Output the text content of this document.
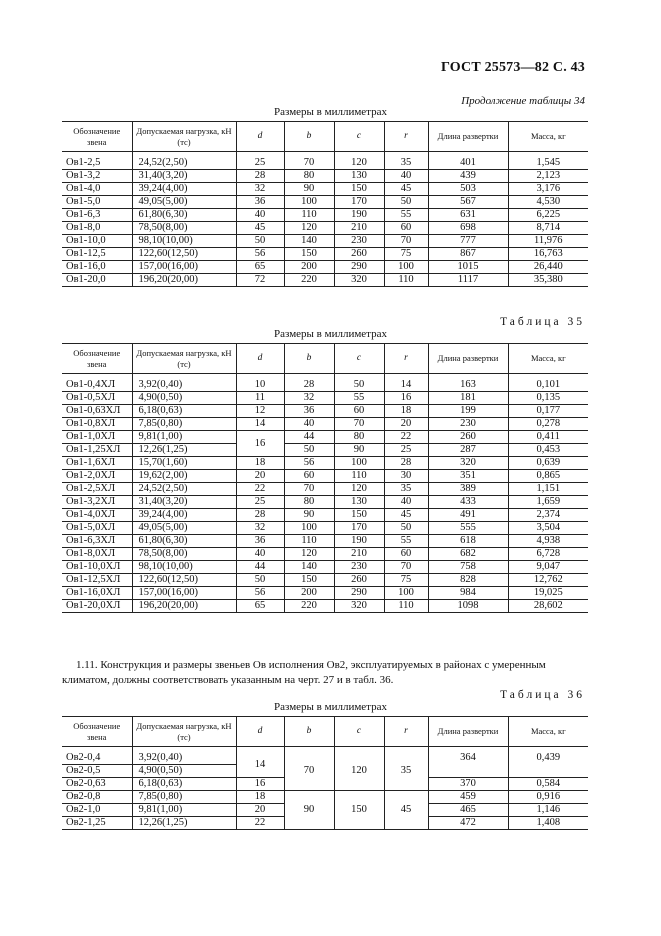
ГОСТ 25573—82 С. 43
Продолжение таблицы 34
Размеры в миллиметрах
Обозначение звена	Допускаемая нагрузка, кН (тс)	d	b	c	r	Длина развертки	Масса, кг
Ов1-2,5	24,52(2,50)	25	70	120	35	401	1,545
Ов1-3,2	31,40(3,20)	28	80	130	40	439	2,123
Ов1-4,0	39,24(4,00)	32	90	150	45	503	3,176
Ов1-5,0	49,05(5,00)	36	100	170	50	567	4,530
Ов1-6,3	61,80(6,30)	40	110	190	55	631	6,225
Ов1-8,0	78,50(8,00)	45	120	210	60	698	8,714
Ов1-10,0	98,10(10,00)	50	140	230	70	777	11,976
Ов1-12,5	122,60(12,50)	56	150	260	75	867	16,763
Ов1-16,0	157,00(16,00)	65	200	290	100	1015	26,440
Ов1-20,0	196,20(20,00)	72	220	320	110	1117	35,380
Таблица 35
Размеры в миллиметрах
Обозначение звена	Допускаемая нагрузка, кН (тс)	d	b	c	r	Длина развертки	Масса, кг
Ов1-0,4ХЛ	3,92(0,40)	10	28	50	14	163	0,101
Ов1-0,5ХЛ	4,90(0,50)	11	32	55	16	181	0,135
Ов1-0,63ХЛ	6,18(0,63)	12	36	60	18	199	0,177
Ов1-0,8ХЛ	7,85(0,80)	14	40	70	20	230	0,278
Ов1-1,0ХЛ	9,81(1,00)	16	44	80	22	260	0,411
Ов1-1,25ХЛ	12,26(1,25)		50	90	25	287	0,453
Ов1-1,6ХЛ	15,70(1,60)	18	56	100	28	320	0,639
Ов1-2,0ХЛ	19,62(2,00)	20	60	110	30	351	0,865
Ов1-2,5ХЛ	24,52(2,50)	22	70	120	35	389	1,151
Ов1-3,2ХЛ	31,40(3,20)	25	80	130	40	433	1,659
Ов1-4,0ХЛ	39,24(4,00)	28	90	150	45	491	2,374
Ов1-5,0ХЛ	49,05(5,00)	32	100	170	50	555	3,504
Ов1-6,3ХЛ	61,80(6,30)	36	110	190	55	618	4,938
Ов1-8,0ХЛ	78,50(8,00)	40	120	210	60	682	6,728
Ов1-10,0ХЛ	98,10(10,00)	44	140	230	70	758	9,047
Ов1-12,5ХЛ	122,60(12,50)	50	150	260	75	828	12,762
Ов1-16,0ХЛ	157,00(16,00)	56	200	290	100	984	19,025
Ов1-20,0ХЛ	196,20(20,00)	65	220	320	110	1098	28,602
1.11. Конструкция и размеры звеньев Ов исполнения Ов2, эксплуатируемых в районах с умеренным
климатом, должны соответствовать указанным на черт. 27 и в табл. 36.
Таблица 36
Размеры в миллиметрах
Обозначение звена	Допускаемая нагрузка, кН (тс)	d	b	c	r	Длина развертки	Масса, кг
Ов2-0,4	3,92(0,40)	14	70	120	35	364	0,439
Ов2-0,5	4,90(0,50)						
Ов2-0,63	6,18(0,63)	16				370	0,584
Ов2-0,8	7,85(0,80)	18	90	150	45	459	0,916
Ов2-1,0	9,81(1,00)	20				465	1,146
Ов2-1,25	12,26(1,25)	22				472	1,408
